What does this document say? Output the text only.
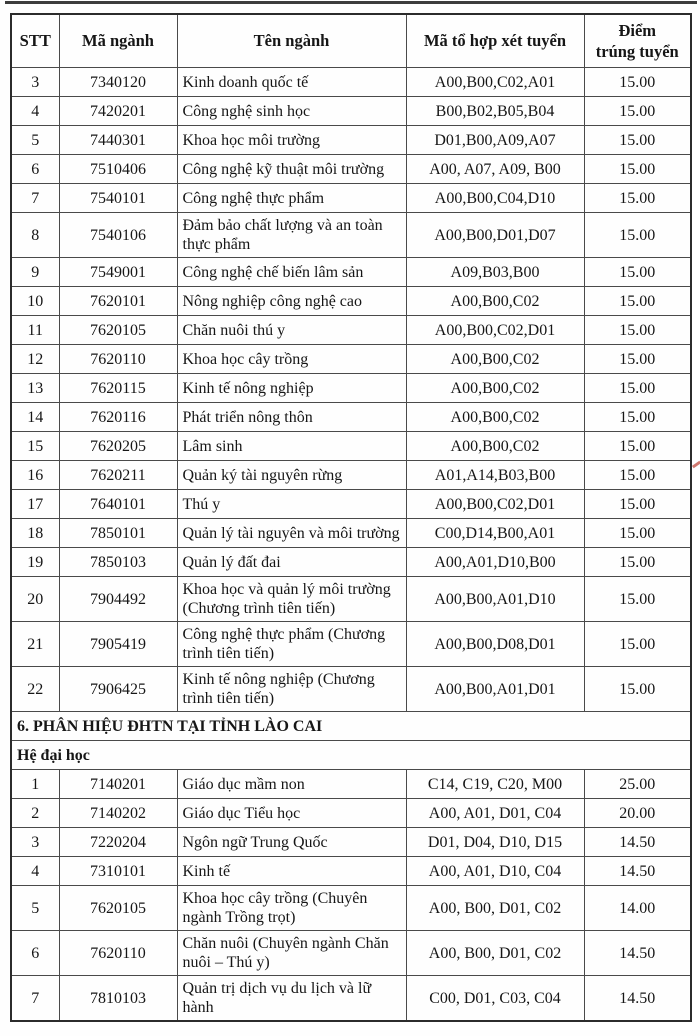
STT	Mã ngành	Tên ngành	Mã tổ hợp xét tuyển	Điểm
trúng tuyển

3	7340120	Kinh doanh quốc tế	A00,B00,C02,A01	15.00
4	7420201	Công nghệ sinh học	B00,B02,B05,B04	15.00
5	7440301	Khoa học môi trường	D01,B00,A09,A07	15.00
6	7510406	Công nghệ kỹ thuật môi trường	A00, A07, A09, B00	15.00
7	7540101	Công nghệ thực phẩm	A00,B00,C04,D10	15.00
8	7540106	Đảm bảo chất lượng và an toàn thực phẩm	A00,B00,D01,D07	15.00
9	7549001	Công nghệ chế biến lâm sản	A09,B03,B00	15.00
10	7620101	Nông nghiệp công nghệ cao	A00,B00,C02	15.00
11	7620105	Chăn nuôi thú y	A00,B00,C02,D01	15.00
12	7620110	Khoa học cây trồng	A00,B00,C02	15.00
13	7620115	Kinh tế nông nghiệp	A00,B00,C02	15.00
14	7620116	Phát triển nông thôn	A00,B00,C02	15.00
15	7620205	Lâm sinh	A00,B00,C02	15.00
16	7620211	Quản ký tài nguyên rừng	A01,A14,B03,B00	15.00
17	7640101	Thú y	A00,B00,C02,D01	15.00
18	7850101	Quản lý tài nguyên và môi trường	C00,D14,B00,A01	15.00
19	7850103	Quản lý đất đai	A00,A01,D10,B00	15.00
20	7904492	Khoa học và quản lý môi trường (Chương trình tiên tiến)	A00,B00,A01,D10	15.00
21	7905419	Công nghệ thực phẩm (Chương trình tiên tiến)	A00,B00,D08,D01	15.00
22	7906425	Kinh tế nông nghiệp (Chương trình tiên tiến)	A00,B00,A01,D01	15.00
6. PHÂN HIỆU ĐHTN TẠI TỈNH LÀO CAI				
Hệ đại học				
1	7140201	Giáo dục mầm non	C14, C19, C20, M00	25.00
2	7140202	Giáo dục Tiểu học	A00, A01, D01, C04	20.00
3	7220204	Ngôn ngữ Trung Quốc	D01, D04, D10, D15	14.50
4	7310101	Kinh tế	A00, A01, D10, C04	14.50
5	7620105	Khoa học cây trồng (Chuyên ngành Trồng trọt)	A00, B00, D01, C02	14.00
6	7620110	Chăn nuôi (Chuyên ngành Chăn nuôi – Thú y)	A00, B00, D01, C02	14.50
7	7810103	Quản trị dịch vụ du lịch và lữ hành	C00, D01, C03, C04	14.50
